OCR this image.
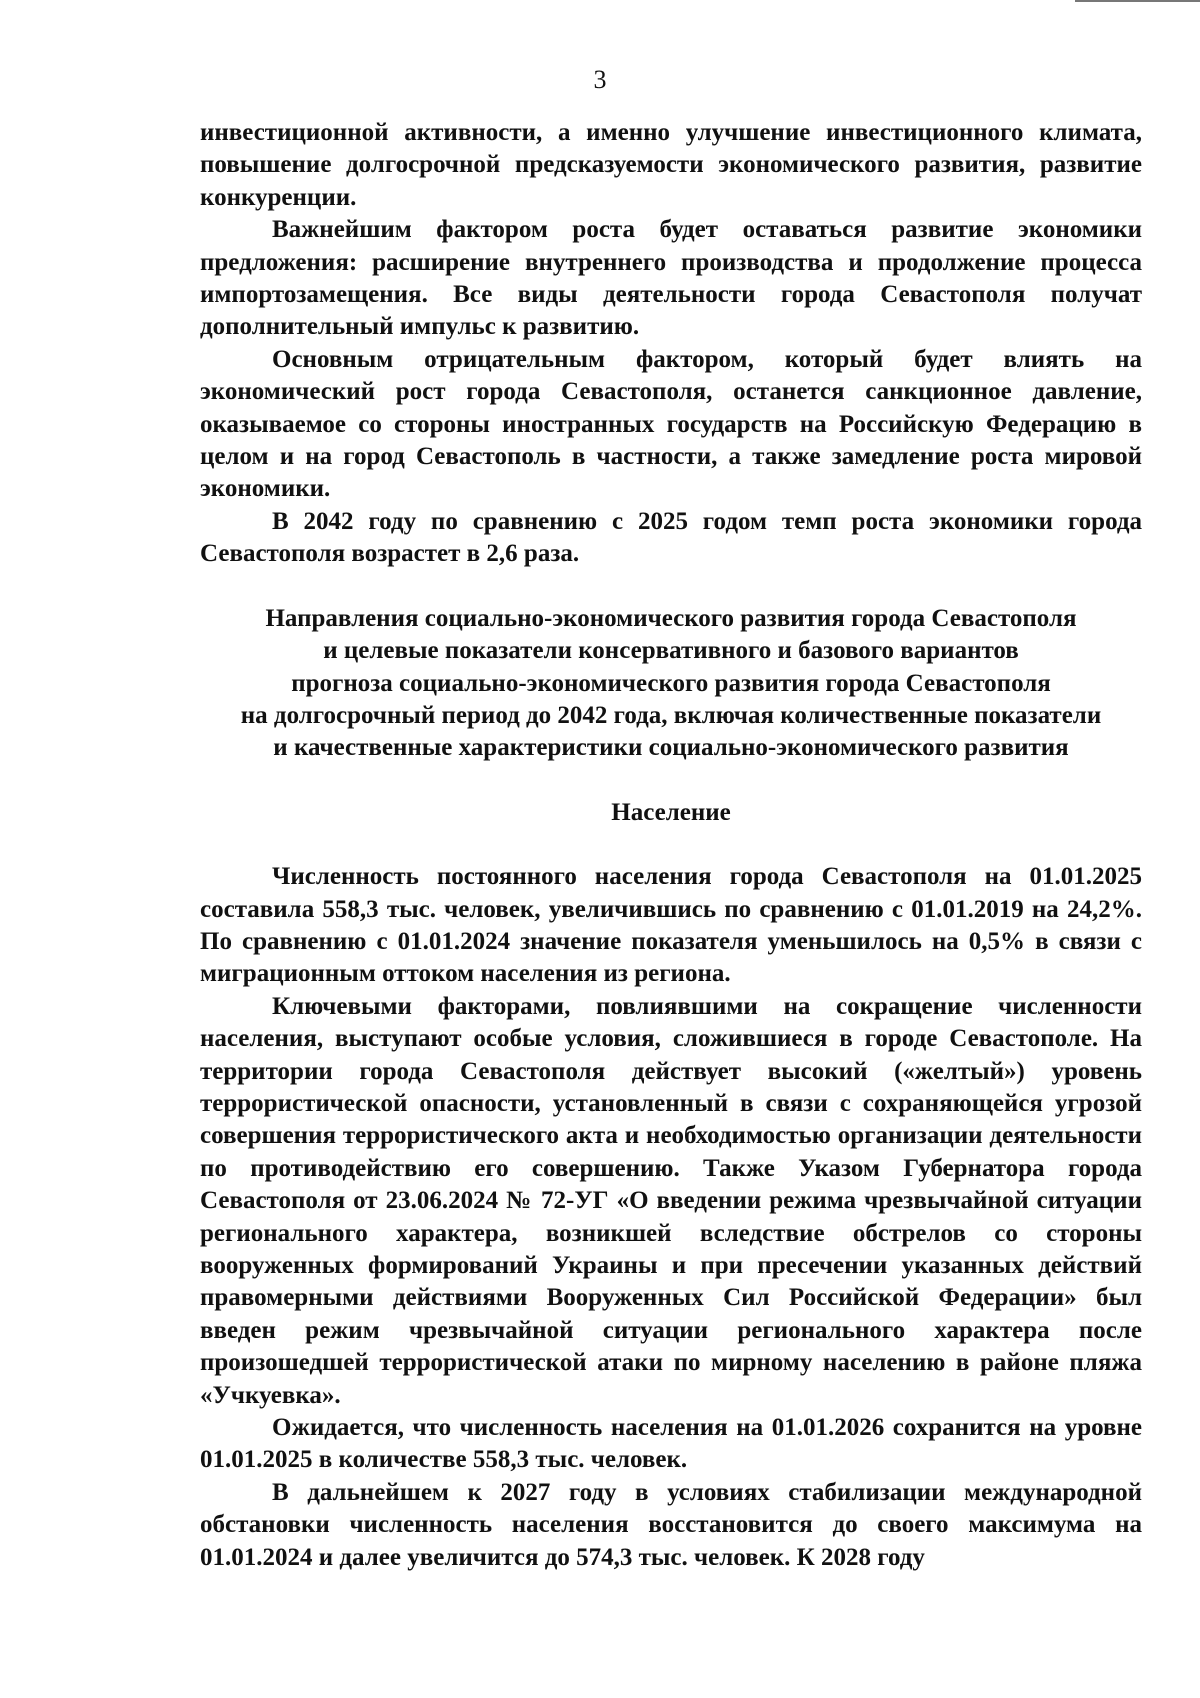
3

инвестиционной активности, а именно улучшение инвестиционного климата, повышение долгосрочной предсказуемости экономического развития, развитие конкуренции.

Важнейшим фактором роста будет оставаться развитие экономики предложения: расширение внутреннего производства и продолжение процесса импортозамещения. Все виды деятельности города Севастополя получат дополнительный импульс к развитию.

Основным отрицательным фактором, который будет влиять на экономический рост города Севастополя, останется санкционное давление, оказываемое со стороны иностранных государств на Российскую Федерацию в целом и на город Севастополь в частности, а также замедление роста мировой экономики.

В 2042 году по сравнению с 2025 годом темп роста экономики города Севастополя возрастет в 2,6 раза.

Направления социально-экономического развития города Севастополя
и целевые показатели консервативного и базового вариантов
прогноза социально-экономического развития города Севастополя
на долгосрочный период до 2042 года, включая количественные показатели
и качественные характеристики социально-экономического развития
Население

Численность постоянного населения города Севастополя на 01.01.2025 составила 558,3 тыс. человек, увеличившись по сравнению с 01.01.2019 на 24,2%. По сравнению с 01.01.2024 значение показателя уменьшилось на 0,5% в связи с миграционным оттоком населения из региона.

Ключевыми факторами, повлиявшими на сокращение численности населения, выступают особые условия, сложившиеся в городе Севастополе. На территории города Севастополя действует высокий («желтый») уровень террористической опасности, установленный в связи с сохраняющейся угрозой совершения террористического акта и необходимостью организации деятельности по противодействию его совершению. Также Указом Губернатора города Севастополя от 23.06.2024 № 72-УГ «О введении режима чрезвычайной ситуации регионального характера, возникшей вследствие обстрелов со стороны вооруженных формирований Украины и при пресечении указанных действий правомерными действиями Вооруженных Сил Российской Федерации» был введен режим чрезвычайной ситуации регионального характера после произошедшей террористической атаки по мирному населению в районе пляжа «Учкуевка».

Ожидается, что численность населения на 01.01.2026 сохранится на уровне 01.01.2025 в количестве 558,3 тыс. человек.

В дальнейшем к 2027 году в условиях стабилизации международной обстановки численность населения восстановится до своего максимума на 01.01.2024 и далее увеличится до 574,3 тыс. человек. К 2028 году
